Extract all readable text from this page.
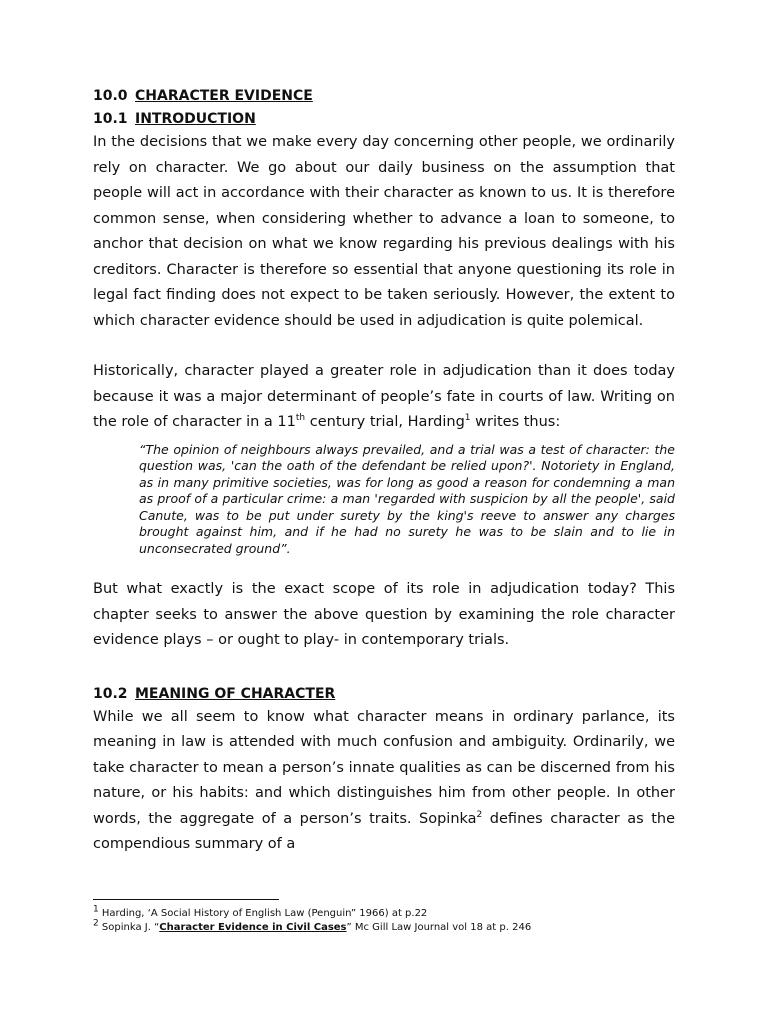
10.0 CHARACTER EVIDENCE

10.1 INTRODUCTION

In the decisions that we make every day concerning other people, we ordinarily rely on character. We go about our daily business on the assumption that people will act in accordance with their character as known to us. It is therefore common sense, when considering whether to advance a loan to someone, to anchor that decision on what we know regarding his previous dealings with his creditors. Character is therefore so essential that anyone questioning its role in legal fact finding does not expect to be taken seriously. However, the extent to which character evidence should be used in adjudication is quite polemical.

Historically, character played a greater role in adjudication than it does today because it was a major determinant of people’s fate in courts of law. Writing on the role of character in a 11th century trial, Harding$^1$ writes thus:

“The opinion of neighbours always prevailed, and a trial was a test of character: the question was, 'can the oath of the defendant be relied upon?'. Notoriety in England, as in many primitive societies, was for long as good a reason for condemning a man as proof of a particular crime: a man 'regarded with suspicion by all the people', said Canute, was to be put under surety by the king's reeve to answer any charges brought against him, and if he had no surety he was to be slain and to lie in unconsecrated ground”.

But what exactly is the exact scope of its role in adjudication today? This chapter seeks to answer the above question by examining the role character evidence plays – or ought to play- in contemporary trials.

10.2 MEANING OF CHARACTER

While we all seem to know what character means in ordinary parlance, its meaning in law is attended with much confusion and ambiguity. Ordinarily, we take character to mean a person’s innate qualities as can be discerned from his nature, or his habits: and which distinguishes him from other people. In other words, the aggregate of a person’s traits. Sopinka$^2$ defines character as the compendious summary of a

$^1$ Harding, ‘A Social History of English Law (Penguin” 1966) at p.22

$^2$ Sopinka J. “Character Evidence in Civil Cases” Mc Gill Law Journal vol 18 at p. 246
